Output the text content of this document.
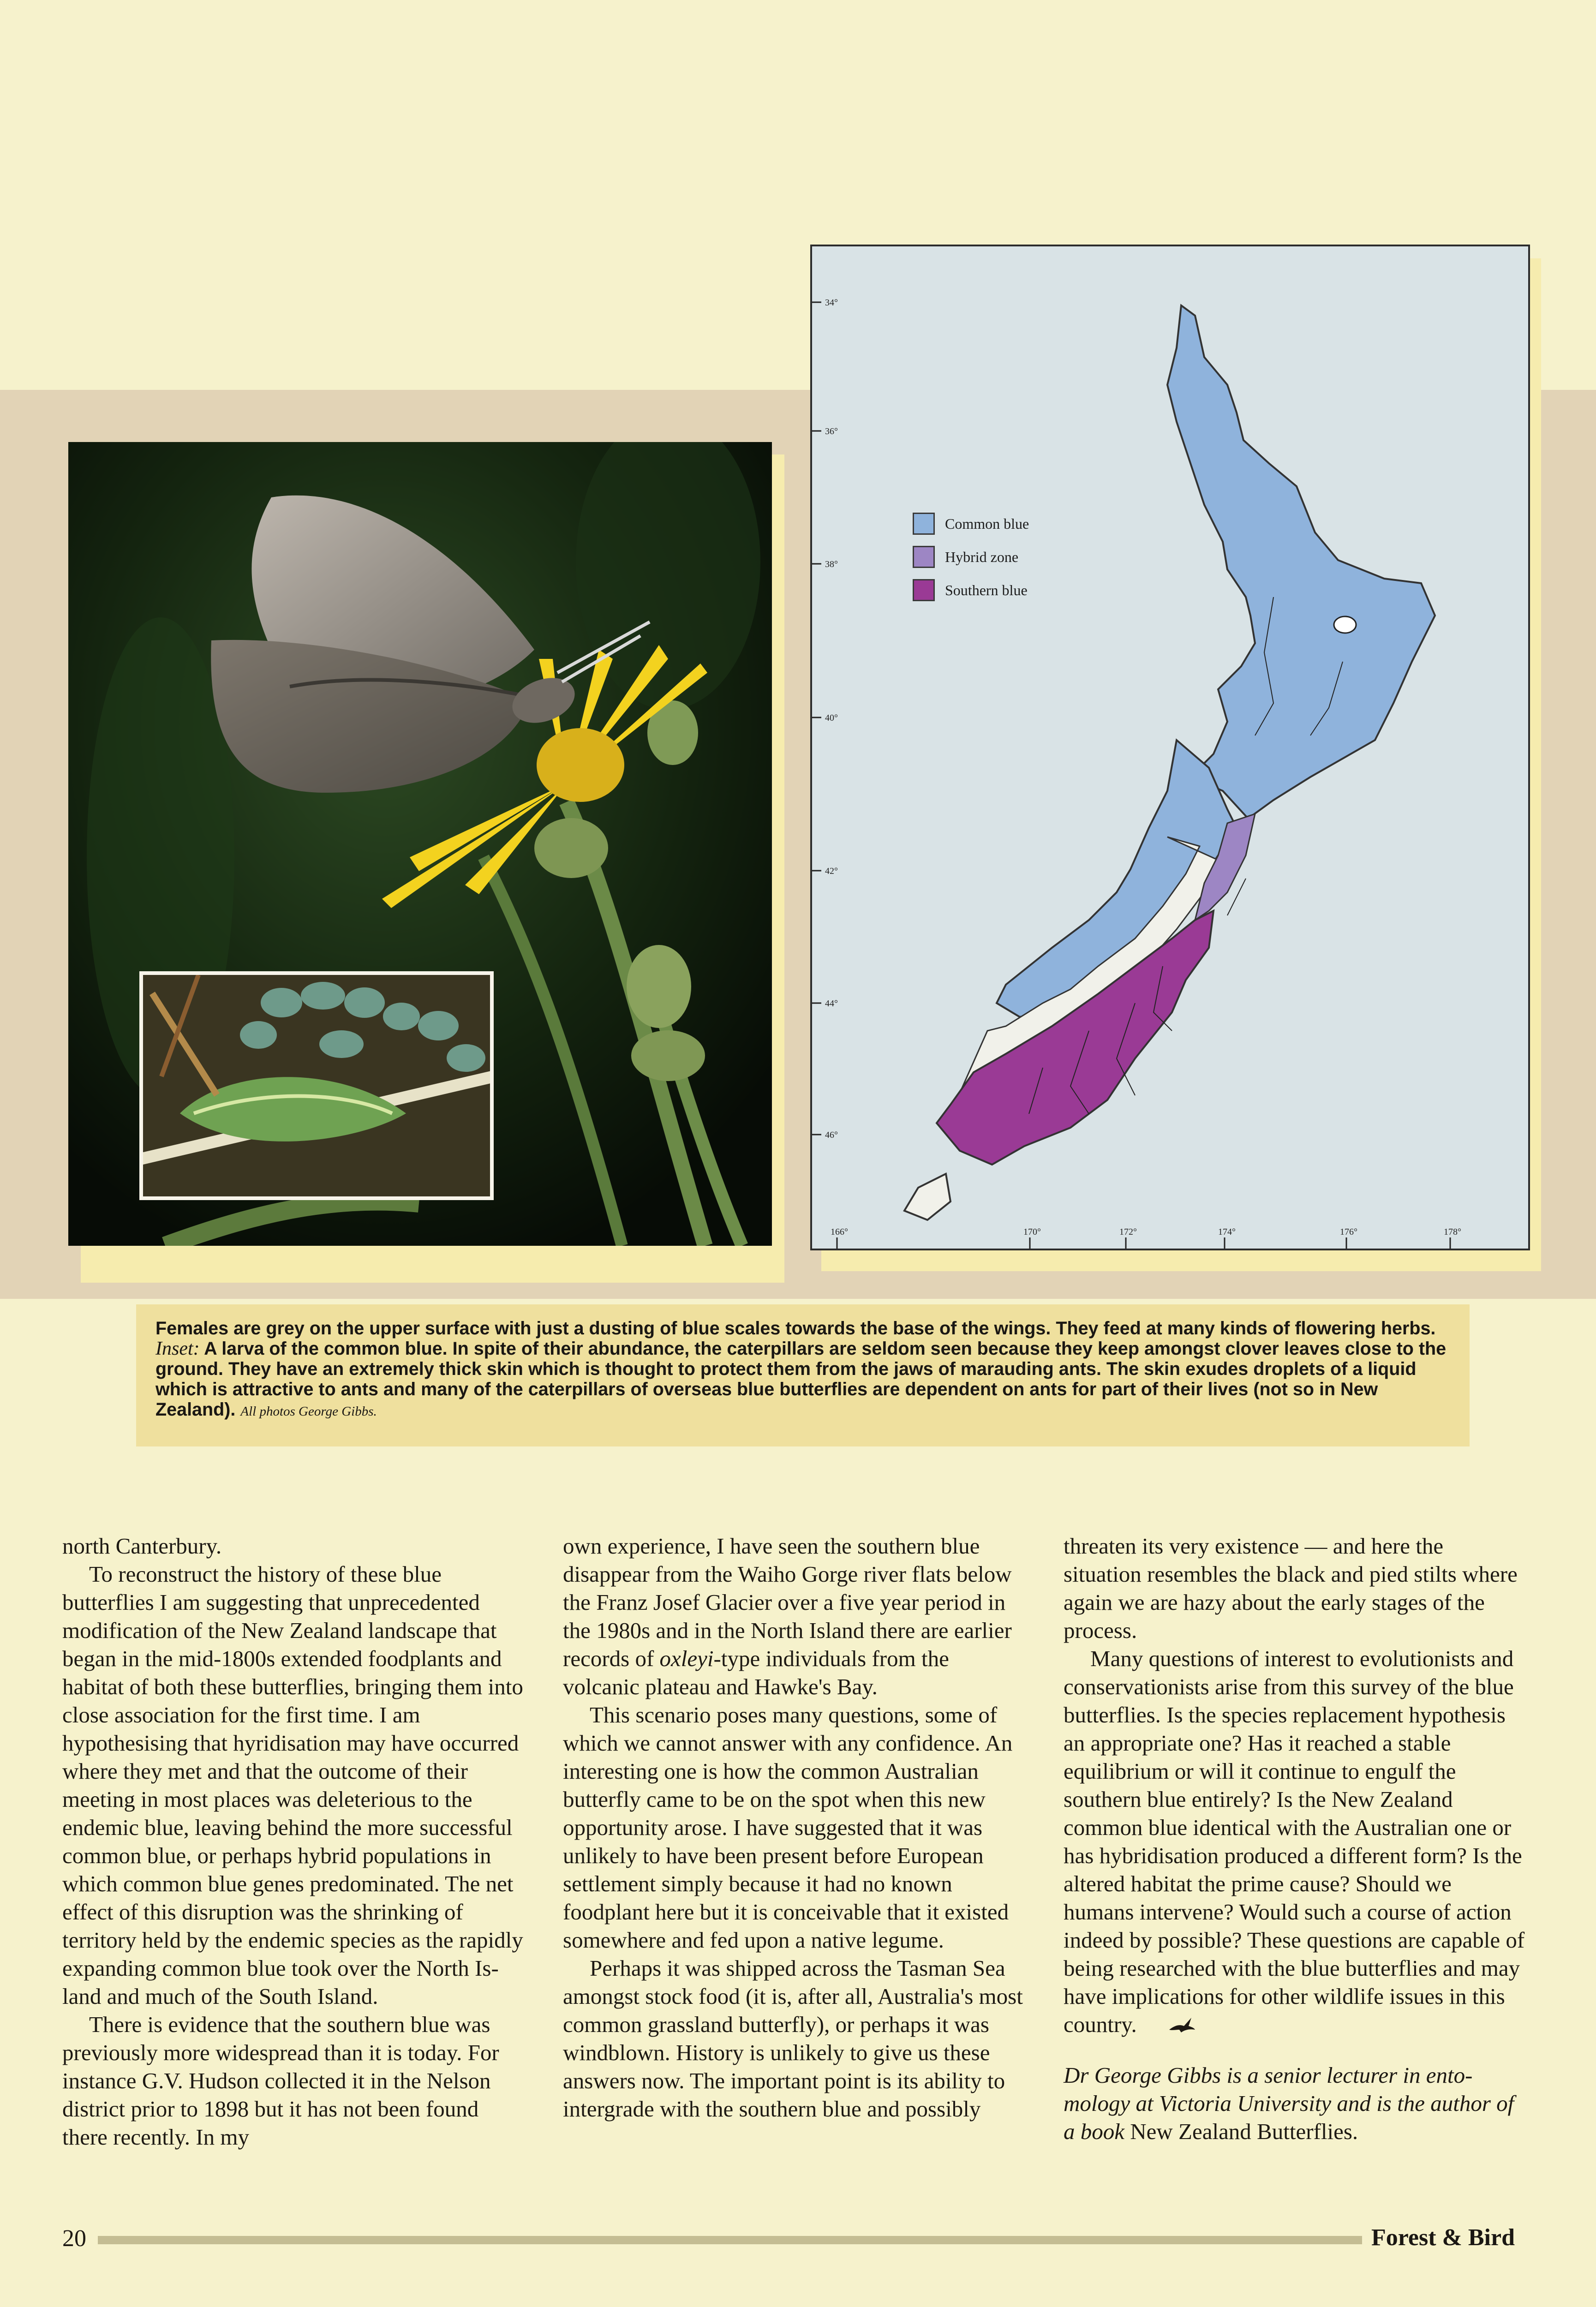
34°
36°
38°
40°
42°
44°
46°
166°	170°	172°	174°	176°	178°
Common blue
Hybrid zone
Southern blue
Females are grey on the upper surface with just a dusting of blue scales towards the base of the wings. They feed at many kinds of flowering herbs. Inset: A larva of the common blue. In spite of their abundance, the caterpillars are seldom seen because they keep amongst clover leaves close to the ground. They have an extremely thick skin which is thought to protect them from the jaws of marauding ants. The skin exudes droplets of a liquid which is attractive to ants and many of the caterpillars of overseas blue butterflies are dependent on ants for part of their lives (not so in New Zealand). All photos George Gibbs.

north Canterbury.

To reconstruct the history of these blue butterflies I am suggesting that unprecedented modification of the New Zealand landscape that began in the mid-1800s extended foodplants and habitat of both these butterflies, bringing them into close association for the first time. I am hypothesising that hyridisation may have occurred where they met and that the outcome of their meeting in most places was deleterious to the endemic blue, leaving behind the more successful common blue, or perhaps hybrid populations in which common blue genes predominated. The net effect of this disruption was the shrinking of territory held by the endemic species as the rapidly expanding common blue took over the North Island and much of the South Island.

There is evidence that the southern blue was previously more widespread than it is today. For instance G.V. Hudson collected it in the Nelson district prior to 1898 but it has not been found there recently. In my

own experience, I have seen the southern blue disappear from the Waiho Gorge river flats below the Franz Josef Glacier over a five year period in the 1980s and in the North Island there are earlier records of oxleyi-type individuals from the volcanic plateau and Hawke's Bay.

This scenario poses many questions, some of which we cannot answer with any confidence. An interesting one is how the common Australian butterfly came to be on the spot when this new opportunity arose. I have suggested that it was unlikely to have been present before European settlement simply because it had no known foodplant here but it is conceivable that it existed somewhere and fed upon a native legume.

Perhaps it was shipped across the Tasman Sea amongst stock food (it is, after all, Australia's most common grassland butterfly), or perhaps it was windblown. History is unlikely to give us these answers now. The important point is its ability to intergrade with the southern blue and possibly

threaten its very existence — and here the situation resembles the black and pied stilts where again we are hazy about the early stages of the process.

Many questions of interest to evolutionists and conservationists arise from this survey of the blue butterflies. Is the species replacement hypothesis an appropriate one? Has it reached a stable equilibrium or will it continue to engulf the southern blue entirely? Is the New Zealand common blue identical with the Australian one or has hybridisation produced a different form? Is the altered habitat the prime cause? Should we humans intervene? Would such a course of action indeed by possible? These questions are capable of being researched with the blue butterflies and may have implications for other wildlife issues in this country.

Dr George Gibbs is a senior lecturer in entomology at Victoria University and is the author of a book New Zealand Butterflies.

20	Forest & Bird
